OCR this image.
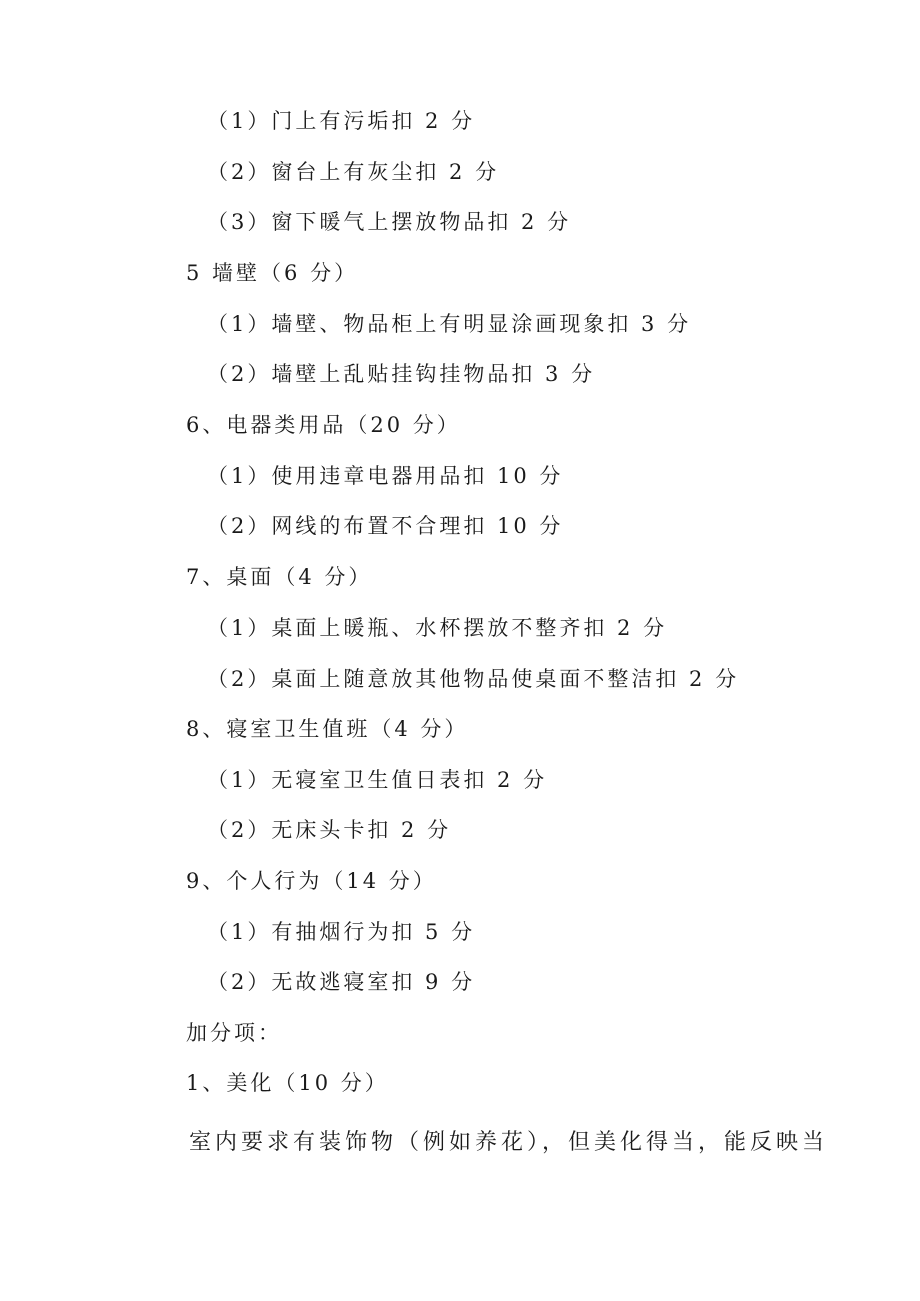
（1）门上有污垢扣 2 分
（2）窗台上有灰尘扣 2 分
（3）窗下暖气上摆放物品扣 2 分
5 墙壁（6 分）
（1）墙壁、物品柜上有明显涂画现象扣 3 分
（2）墙壁上乱贴挂钩挂物品扣 3 分
6、电器类用品（20 分）
（1）使用违章电器用品扣 10 分
（2）网线的布置不合理扣 10 分
7、桌面（4 分）
（1）桌面上暖瓶、水杯摆放不整齐扣 2 分
（2）桌面上随意放其他物品使桌面不整洁扣 2 分
8、寝室卫生值班（4 分）
（1）无寝室卫生值日表扣 2 分
（2）无床头卡扣 2 分
9、个人行为（14 分）
（1）有抽烟行为扣 5 分
（2）无故逃寝室扣 9 分
加分项：
1、美化（10 分）
室内要求有装饰物（例如养花），但美化得当，能反映当
